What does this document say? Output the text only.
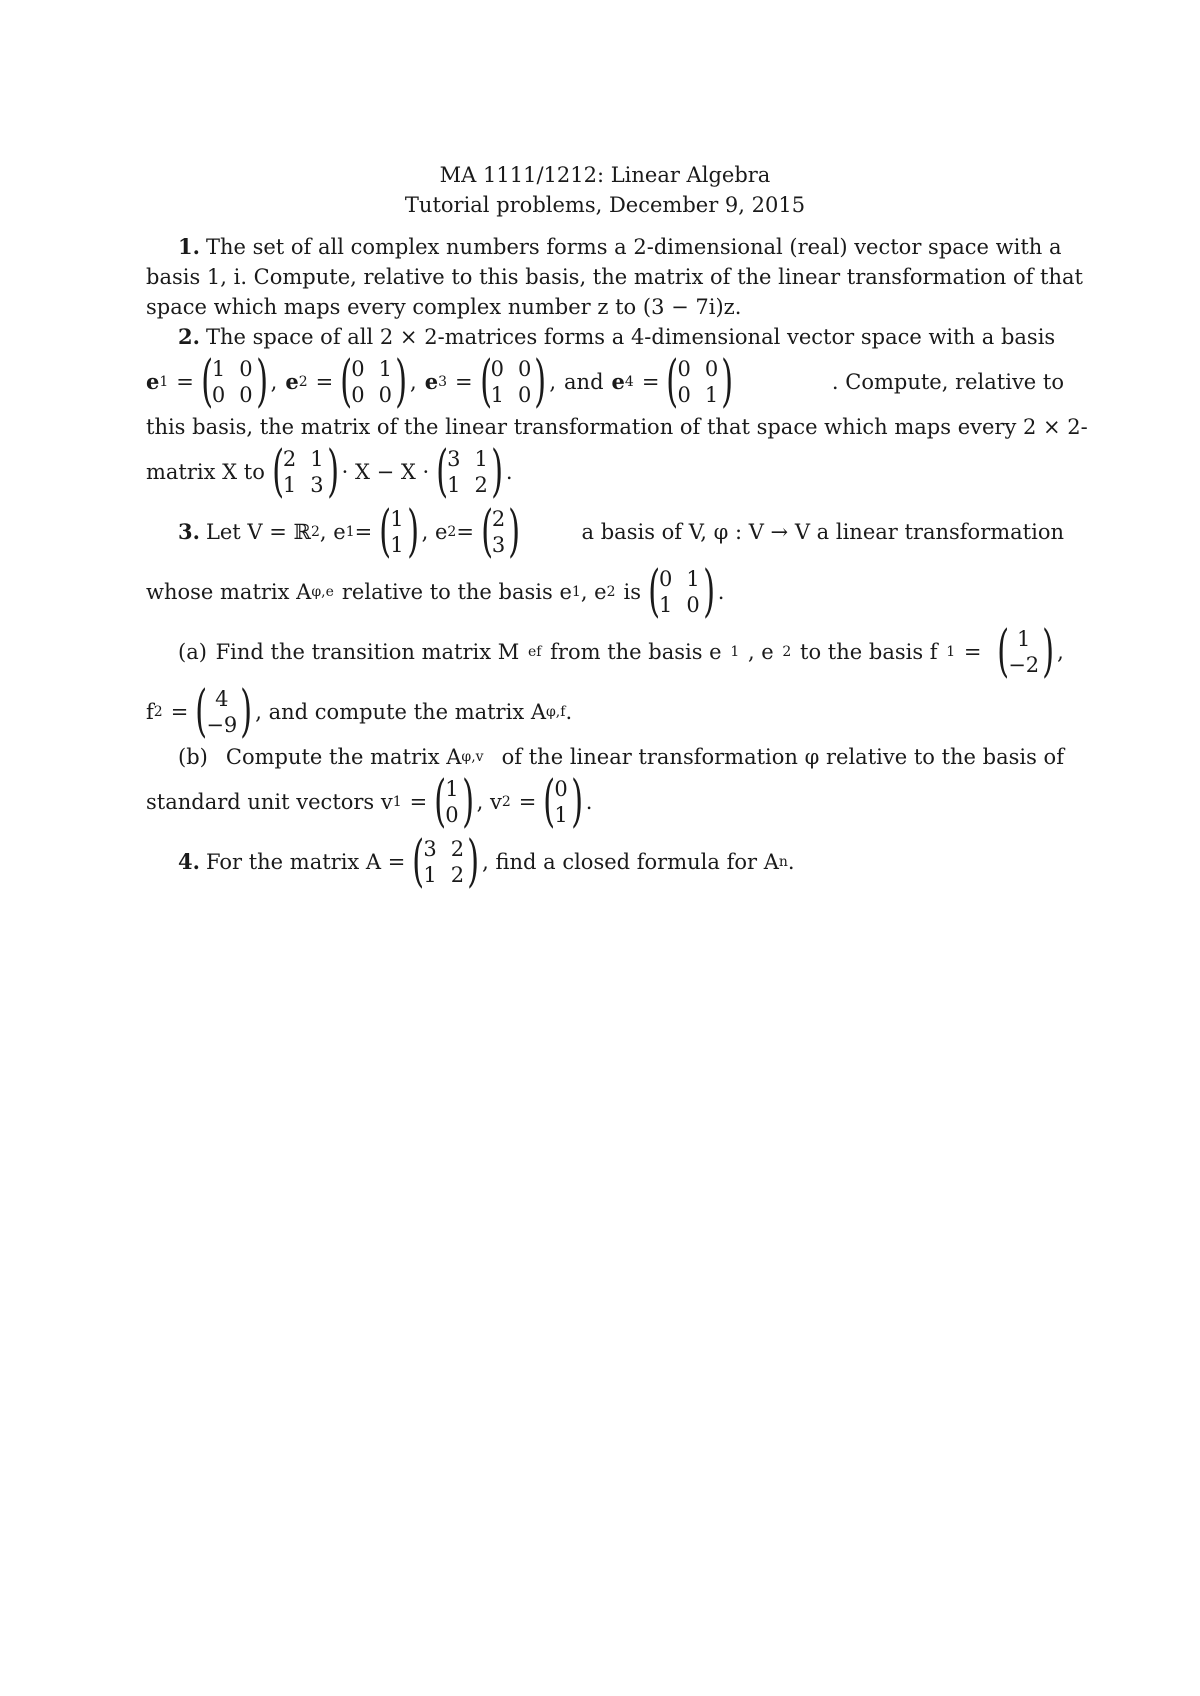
MA 1111/1212: Linear Algebra
Tutorial problems, December 9, 2015
1. The set of all complex numbers forms a 2-dimensional (real) vector space with a
basis 1, i. Compute, relative to this basis, the matrix of the linear transformation of that
space which maps every complex number z to (3 − 7i)z.
2. The space of all 2 × 2-matrices forms a 4-dimensional vector space with a basis
e 1 = (
1 0
0 0 ) , e 2 = (
0 1
0 0 ) , e 3 = (
0 0
1 0 ) , and e 4 = (
0 0
0 1 )	. Compute, relative to
this basis, the matrix of the linear transformation of that space which maps every 2 × 2-
matrix X to (
2 1
1 3 ) · X − X · (
3 1
1 2 ) .
3. Let V = ℝ 2 , e 1 = (
1
1 ) , e 2 = (
2
3 )	a basis of V, φ : V → V a linear transformation
whose matrix A φ,e relative to the basis e 1 , e 2 is (
0 1
1 0 ) .
(a) Find the transition matrix M ef from the basis e 1 , e 2 to the basis f 1 = ( 1
−2 ) ,
f 2 = ( 4
−9 ) , and compute the matrix A φ,f .
(b) Compute the matrix A φ,v of the linear transformation φ relative to the basis of
standard unit vectors v 1 = (
1
0 ) , v 2 = (
0
1 ) .
4. For the matrix A = (
3 2
1 2 ) , find a closed formula for A n .
